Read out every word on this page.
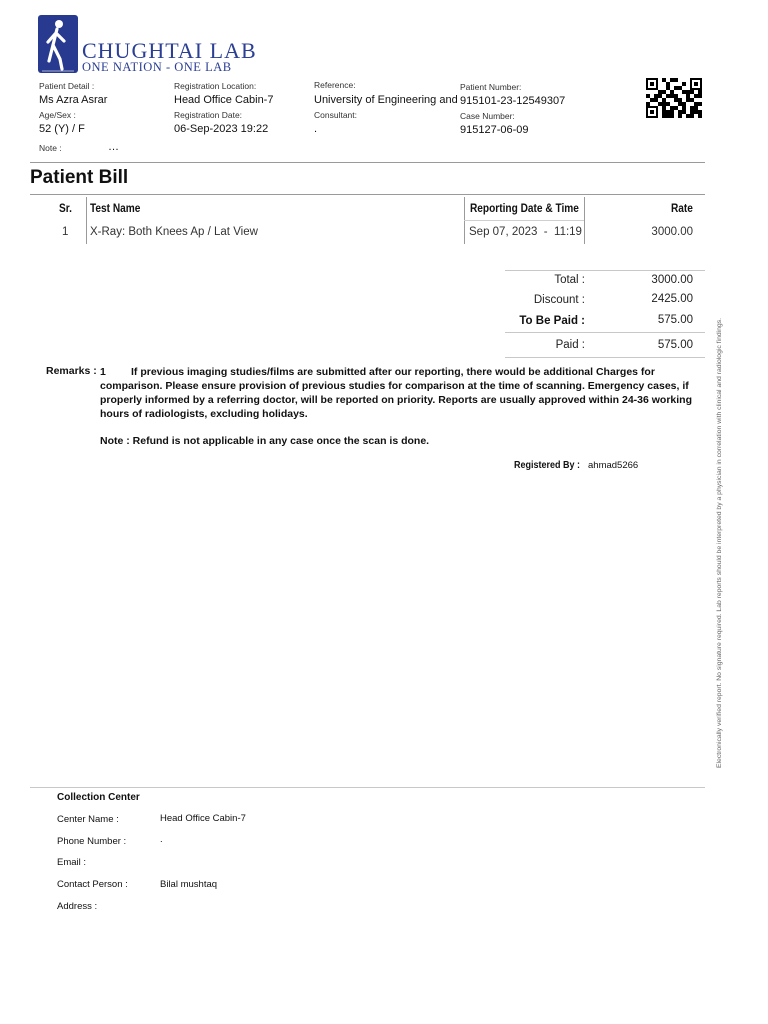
CHUGHTAI LAB
ONE NATION - ONE LAB
Patient Detail :
Ms Azra Asrar
Age/Sex :
52 (Y) / F
Note :	…
Registration Location:
Head Office Cabin-7
Registration Date:
06-Sep-2023 19:22
Reference:
University of Engineering and
Consultant:
.
Patient Number:
915101-23-12549307
Case Number:
915127-06-09
Patient Bill
Sr. Test Name	Reporting Date & Time	Rate
1 X-Ray: Both Knees Ap / Lat View	Sep 07, 2023  -  11:19	3000.00
Total :	3000.00
Discount :	2425.00
To Be Paid :	575.00
Paid :	575.00
Remarks : 1 If previous imaging studies/films are submitted after our reporting, there would be additional Charges for comparison. Please ensure provision of previous studies for comparison at the time of scanning. Emergency cases, if properly informed by a referring doctor, will be reported on priority. Reports are usually approved within 24-36 working hours of radiologists, excluding holidays.
Note : Refund is not applicable in any case once the scan is done.
Registered By : ahmad5266	Electronically verified report. No signature required. Lab reports should be interpreted by a physician in correlation with clinical and radiologic findings.
Collection Center
Center Name :	Head Office Cabin-7
Phone Number :	.
Email :
Contact Person :	Bilal mushtaq
Address :
